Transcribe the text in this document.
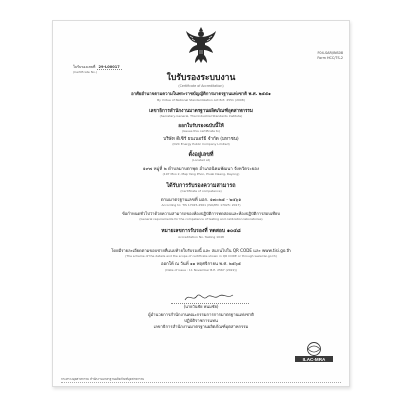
F04-SAR/INS08
Form HCC/TS-2
ใบรับรองเลขที่ 29-L00017
(Certificate No.)
ใบรับรองระบบงาน
(Certificate of Accreditation)
อาศัยอำนาจตามความในพระราชบัญญัติการมาตรฐานแห่งชาติ พ.ศ. ๒๕๕๑
By Virtue of National Standardization Act B.E. 2551 (2008)
เลขาธิการสำนักงานมาตรฐานผลิตภัณฑ์อุตสาหกรรม
(Secretary-General, Thai Industrial Standards Institute)
ออกใบรับรองฉบับนี้ให้
(Issues this certificate to)
บริษัท ดีเซิร์ ยนเนอร์ยี จำกัด (มหาชน)
(D2C Energy Public Company Limited)
ตั้งอยู่เลขที่
(Located at)
๑๙๗ หมู่ที่ ๒ ตำบลมาบตาพุด อำเภอนิคมพัฒนา จังหวัดระยอง
(197 Moo 2, Map Yang Phon, Pluak Daeng, Rayong)
ได้รับการรับรองความสามารถ
(Certificate of competence)
ตามมาตรฐานเลขที่ มอก. ๑๗๐๒๕ - ๒๕๖๑
According to: TIS 17025-2561 (ISO/IEC 17025: 2017)
ข้อกำหนดทั่วไปว่าด้วยความสามารถของห้องปฏิบัติการทดสอบและห้องปฏิบัติการสอบเทียบ
(General requirements for the competence of testing and calibration laboratories)
หมายเลขการรับรองที่ ทดสอบ ๑๐๔๘
Accreditation No. Testing 1048
โดยมีรายละเอียดตามขอบข่ายที่แนบท้ายใบรับรองนี้ และ สแกนไปใน QR CODE และ www.tisi.go.th
(The scheme of the details and the scope of certificate shown in QR CODE or through www.tisi.go.th)
ออกให้ ณ วันที่ ๑๑ พฤศจิกายน พ.ศ. ๒๕๖๕
(Date of issue : 11 November B.E. 2567 (2022))
(นายวันชัย พนมชัย)
ผู้อำนวยการสำนักงานคณะกรรมการการมาตรฐานแห่งชาติ
ปฏิบัติราชการแทน
เลขาธิการสำนักงานมาตรฐานผลิตภัณฑ์อุตสาหกรรม
ILAC-MRA
กระทรวงอุตสาหกรรม สำนักงานมาตรฐานผลิตภัณฑ์อุตสาหกรรม
